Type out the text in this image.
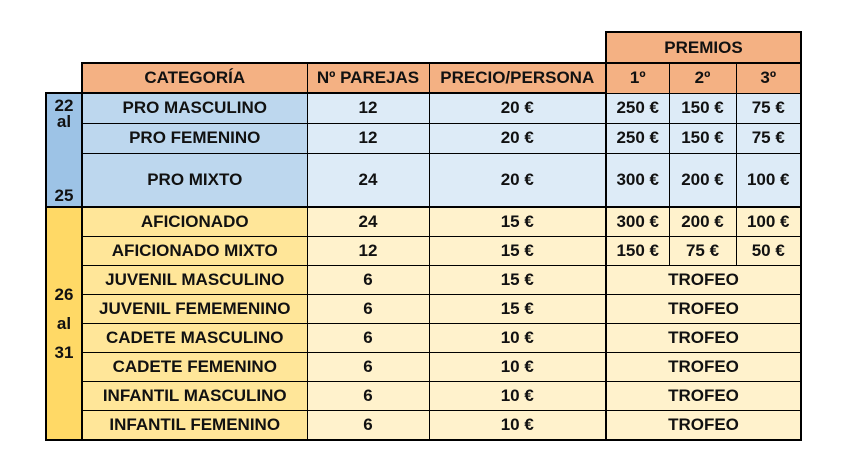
				PREMIOS		
	CATEGORÍA	Nº PAREJAS	PRECIO/PERSONA	1º	2º	3º

22
al
25	PRO MASCULINO	12	20 €	250 €	150 €	75 €
	PRO FEMENINO	12	20 €	250 €	150 €	75 €
	PRO MIXTO	24	20 €	300 €	200 €	100 €

26
al
31	AFICIONADO	24	15 €	300 €	200 €	100 €
	AFICIONADO MIXTO	12	15 €	150 €	75 €	50 €
	JUVENIL MASCULINO	6	15 €	TROFEO		
	JUVENIL FEMEMENINO	6	15 €	TROFEO		
	CADETE MASCULINO	6	10 €	TROFEO		
	CADETE FEMENINO	6	10 €	TROFEO		
	INFANTIL MASCULINO	6	10 €	TROFEO		
	INFANTIL FEMENINO	6	10 €	TROFEO		
